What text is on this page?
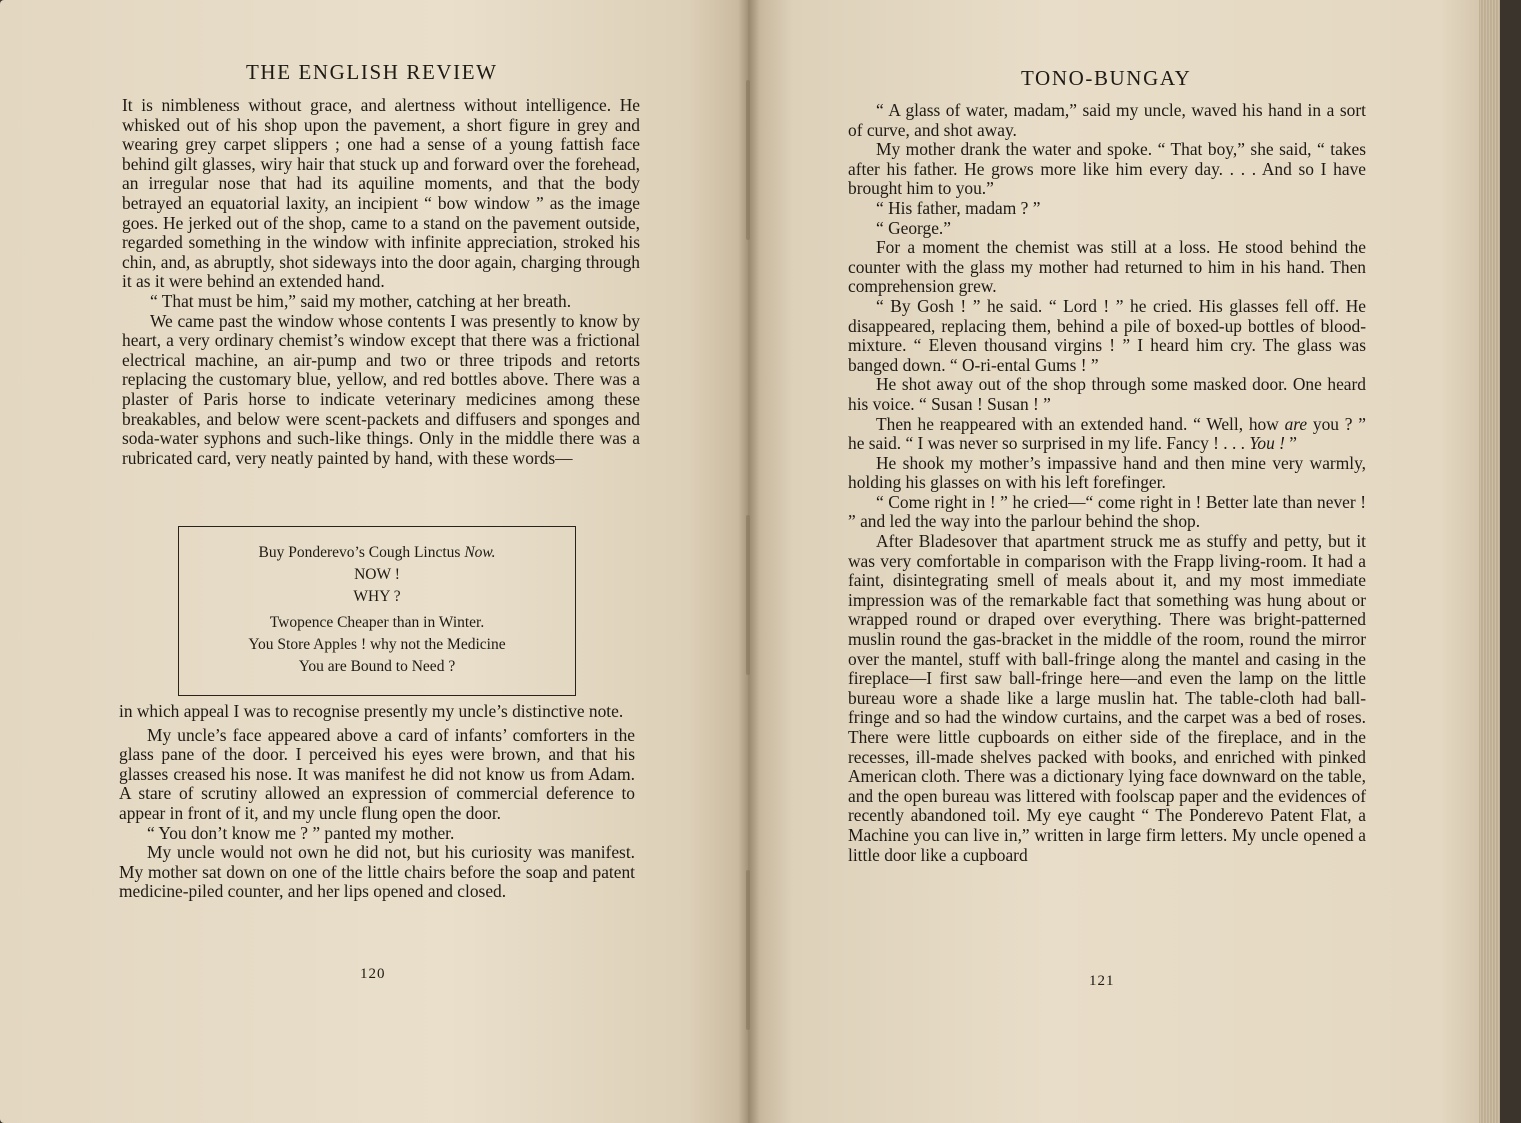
THE ENGLISH REVIEW

It is nimbleness without grace, and alertness without intelligence. He whisked out of his shop upon the pavement, a short figure in grey and wearing grey carpet slippers ; one had a sense of a young fattish face behind gilt glasses, wiry hair that stuck up and forward over the forehead, an irregular nose that had its aquiline moments, and that the body betrayed an equatorial laxity, an incipient “ bow window ” as the image goes. He jerked out of the shop, came to a stand on the pavement outside, regarded something in the window with infinite appreciation, stroked his chin, and, as abruptly, shot sideways into the door again, charging through it as it were behind an extended hand.

“ That must be him,” said my mother, catching at her breath.

We came past the window whose contents I was presently to know by heart, a very ordinary chemist’s window except that there was a frictional electrical machine, an air-pump and two or three tripods and retorts replacing the customary blue, yellow, and red bottles above. There was a plaster of Paris horse to indicate veterinary medicines among these breakables, and below were scent-packets and diffusers and sponges and soda-water syphons and such-like things. Only in the middle there was a rubricated card, very neatly painted by hand, with these words—

Buy Ponderevo’s Cough Linctus Now.
NOW !
WHY ?
Twopence Cheaper than in Winter.
You Store Apples ! why not the Medicine
You are Bound to Need ?

in which appeal I was to recognise presently my uncle’s distinctive note.

My uncle’s face appeared above a card of infants’ comforters in the glass pane of the door. I perceived his eyes were brown, and that his glasses creased his nose. It was manifest he did not know us from Adam. A stare of scrutiny allowed an expression of commercial deference to appear in front of it, and my uncle flung open the door.

“ You don’t know me ? ” panted my mother.

My uncle would not own he did not, but his curiosity was manifest. My mother sat down on one of the little chairs before the soap and patent medicine-piled counter, and her lips opened and closed.

120
TONO-BUNGAY

“ A glass of water, madam,” said my uncle, waved his hand in a sort of curve, and shot away.

My mother drank the water and spoke. “ That boy,” she said, “ takes after his father. He grows more like him every day. . . . And so I have brought him to you.”

“ His father, madam ? ”

“ George.”

For a moment the chemist was still at a loss. He stood behind the counter with the glass my mother had returned to him in his hand. Then comprehension grew.

“ By Gosh ! ” he said. “ Lord ! ” he cried. His glasses fell off. He disappeared, replacing them, behind a pile of boxed-up bottles of blood-mixture. “ Eleven thousand virgins ! ” I heard him cry. The glass was banged down. “ O-ri-ental Gums ! ”

He shot away out of the shop through some masked door. One heard his voice. “ Susan ! Susan ! ”

Then he reappeared with an extended hand. “ Well, how are you ? ” he said. “ I was never so surprised in my life. Fancy ! . . . You ! ”

He shook my mother’s impassive hand and then mine very warmly, holding his glasses on with his left forefinger.

“ Come right in ! ” he cried—“ come right in ! Better late than never ! ” and led the way into the parlour behind the shop.

After Bladesover that apartment struck me as stuffy and petty, but it was very comfortable in comparison with the Frapp living-room. It had a faint, disintegrating smell of meals about it, and my most immediate impression was of the remarkable fact that something was hung about or wrapped round or draped over everything. There was bright-patterned muslin round the gas-bracket in the middle of the room, round the mirror over the mantel, stuff with ball-fringe along the mantel and casing in the fireplace—I first saw ball-fringe here—and even the lamp on the little bureau wore a shade like a large muslin hat. The table-cloth had ball-fringe and so had the window curtains, and the carpet was a bed of roses. There were little cupboards on either side of the fireplace, and in the recesses, ill-made shelves packed with books, and enriched with pinked American cloth. There was a dictionary lying face downward on the table, and the open bureau was littered with foolscap paper and the evidences of recently abandoned toil. My eye caught “ The Ponderevo Patent Flat, a Machine you can live in,” written in large firm letters. My uncle opened a little door like a cupboard

121
